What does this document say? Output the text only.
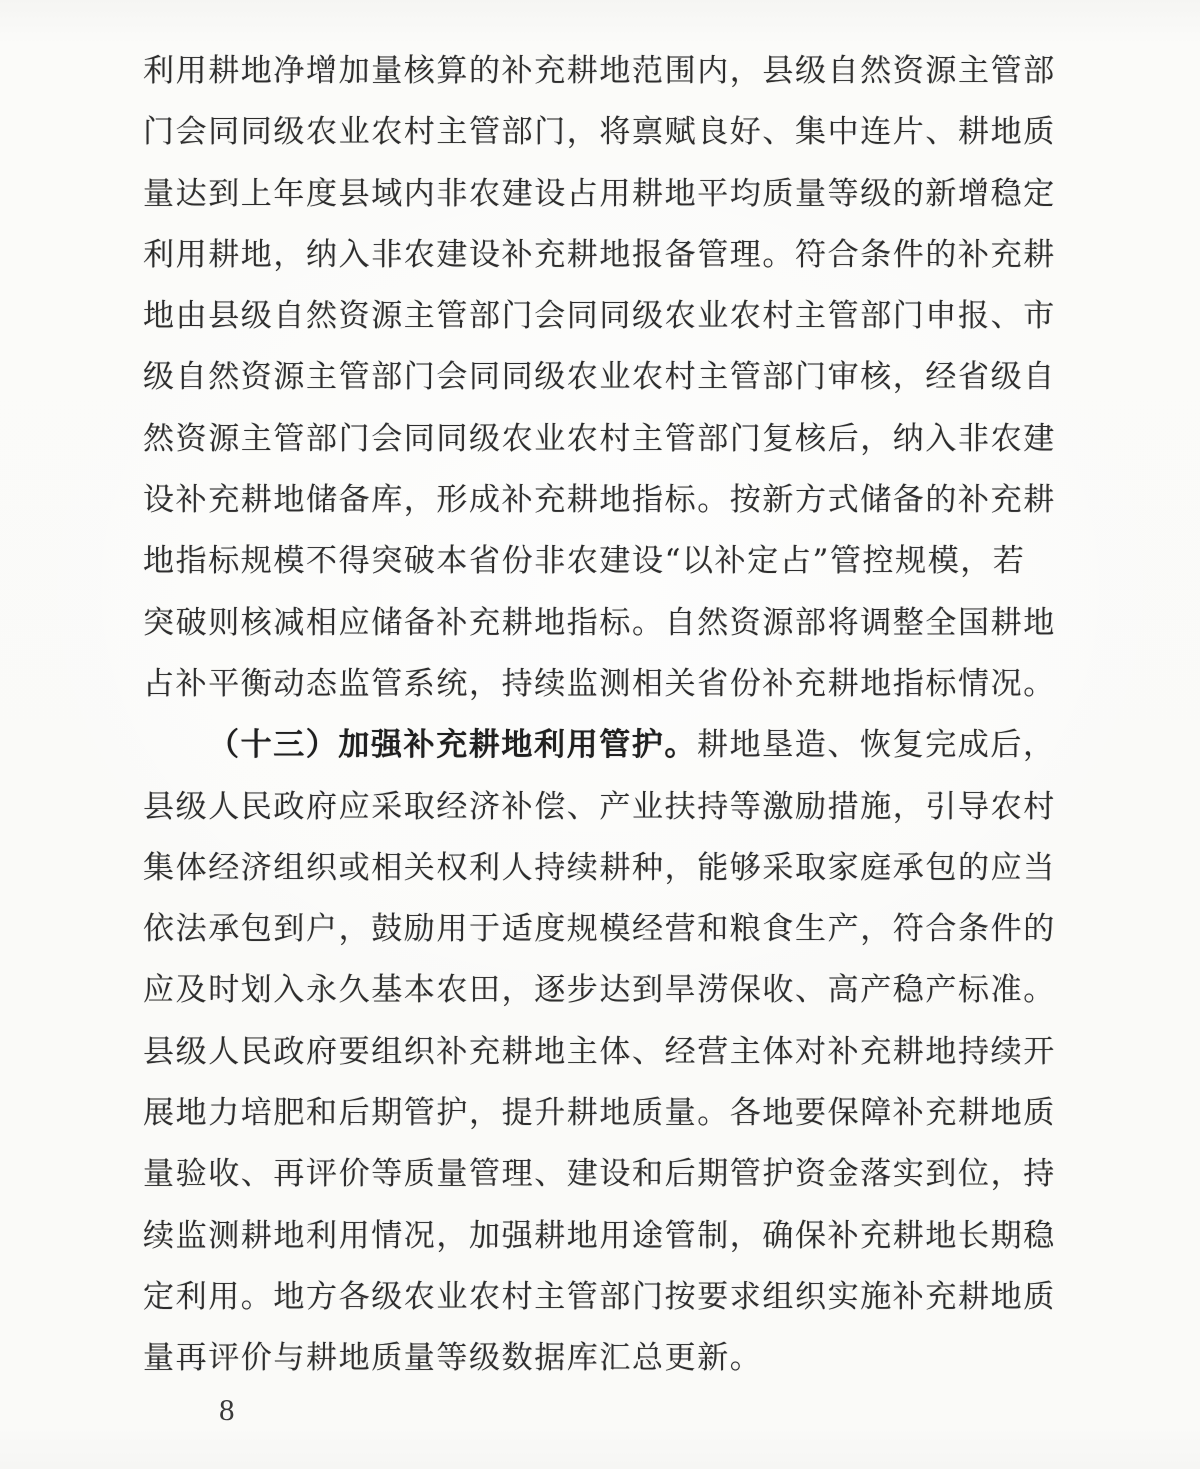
利用耕地净增加量核算的补充耕地范围内，县级自然资源主管部
门会同同级农业农村主管部门，将禀赋良好、集中连片、耕地质
量达到上年度县域内非农建设占用耕地平均质量等级的新增稳定
利用耕地，纳入非农建设补充耕地报备管理。符合条件的补充耕
地由县级自然资源主管部门会同同级农业农村主管部门申报、市
级自然资源主管部门会同同级农业农村主管部门审核，经省级自
然资源主管部门会同同级农业农村主管部门复核后，纳入非农建
设补充耕地储备库，形成补充耕地指标。按新方式储备的补充耕
地指标规模不得突破本省份非农建设“以补定占”管控规模，若
突破则核减相应储备补充耕地指标。自然资源部将调整全国耕地
占补平衡动态监管系统，持续监测相关省份补充耕地指标情况。
（十三）加强补充耕地利用管护。耕地垦造、恢复完成后，
县级人民政府应采取经济补偿、产业扶持等激励措施，引导农村
集体经济组织或相关权利人持续耕种，能够采取家庭承包的应当
依法承包到户，鼓励用于适度规模经营和粮食生产，符合条件的
应及时划入永久基本农田，逐步达到旱涝保收、高产稳产标准。
县级人民政府要组织补充耕地主体、经营主体对补充耕地持续开
展地力培肥和后期管护，提升耕地质量。各地要保障补充耕地质
量验收、再评价等质量管理、建设和后期管护资金落实到位，持
续监测耕地利用情况，加强耕地用途管制，确保补充耕地长期稳
定利用。地方各级农业农村主管部门按要求组织实施补充耕地质
量再评价与耕地质量等级数据库汇总更新。
8
